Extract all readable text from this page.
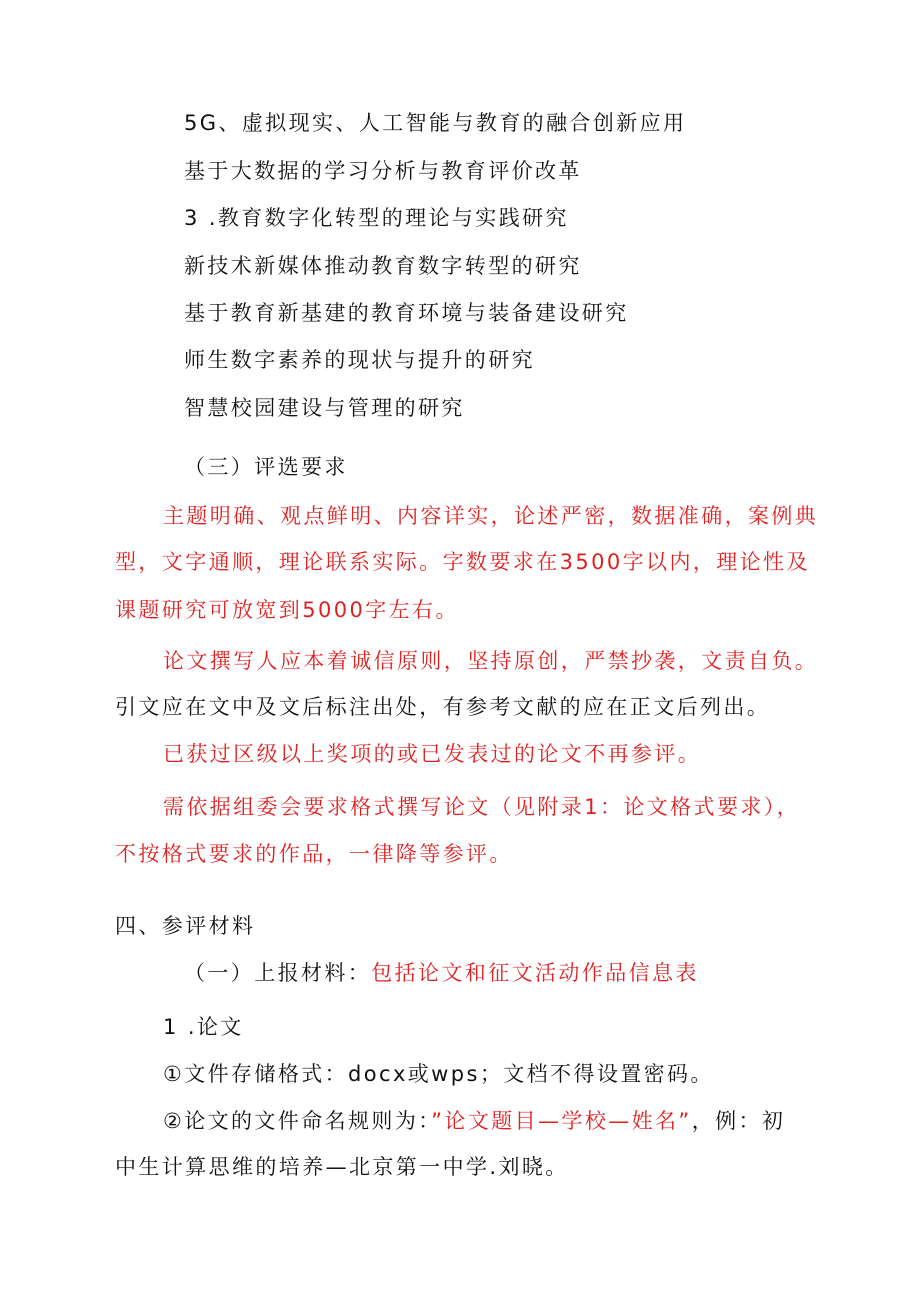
5G、虚拟现实、人工智能与教育的融合创新应用
基于大数据的学习分析与教育评价改革
3 .教育数字化转型的理论与实践研究
新技术新媒体推动教育数字转型的研究
基于教育新基建的教育环境与装备建设研究
师生数字素养的现状与提升的研究
智慧校园建设与管理的研究
（三）评选要求
主题明确、观点鲜明、内容详实，论述严密，数据准确，案例典
型，文字通顺，理论联系实际。字数要求在3500字以内，理论性及
课题研究可放宽到5000字左右。
论文撰写人应本着诚信原则，坚持原创，严禁抄袭，文责自负。
引文应在文中及文后标注出处，有参考文献的应在正文后列出。
已获过区级以上奖项的或已发表过的论文不再参评。
需依据组委会要求格式撰写论文（见附录1：论文格式要求），
不按格式要求的作品，一律降等参评。
四、参评材料
（一）上报材料：包括论文和征文活动作品信息表
1 .论文
①文件存储格式：docx或wps；文档不得设置密码。
②论文的文件命名规则为：”论文题目—学校—姓名”，例：初
中生计算思维的培养—北京第一中学.刘晓。
